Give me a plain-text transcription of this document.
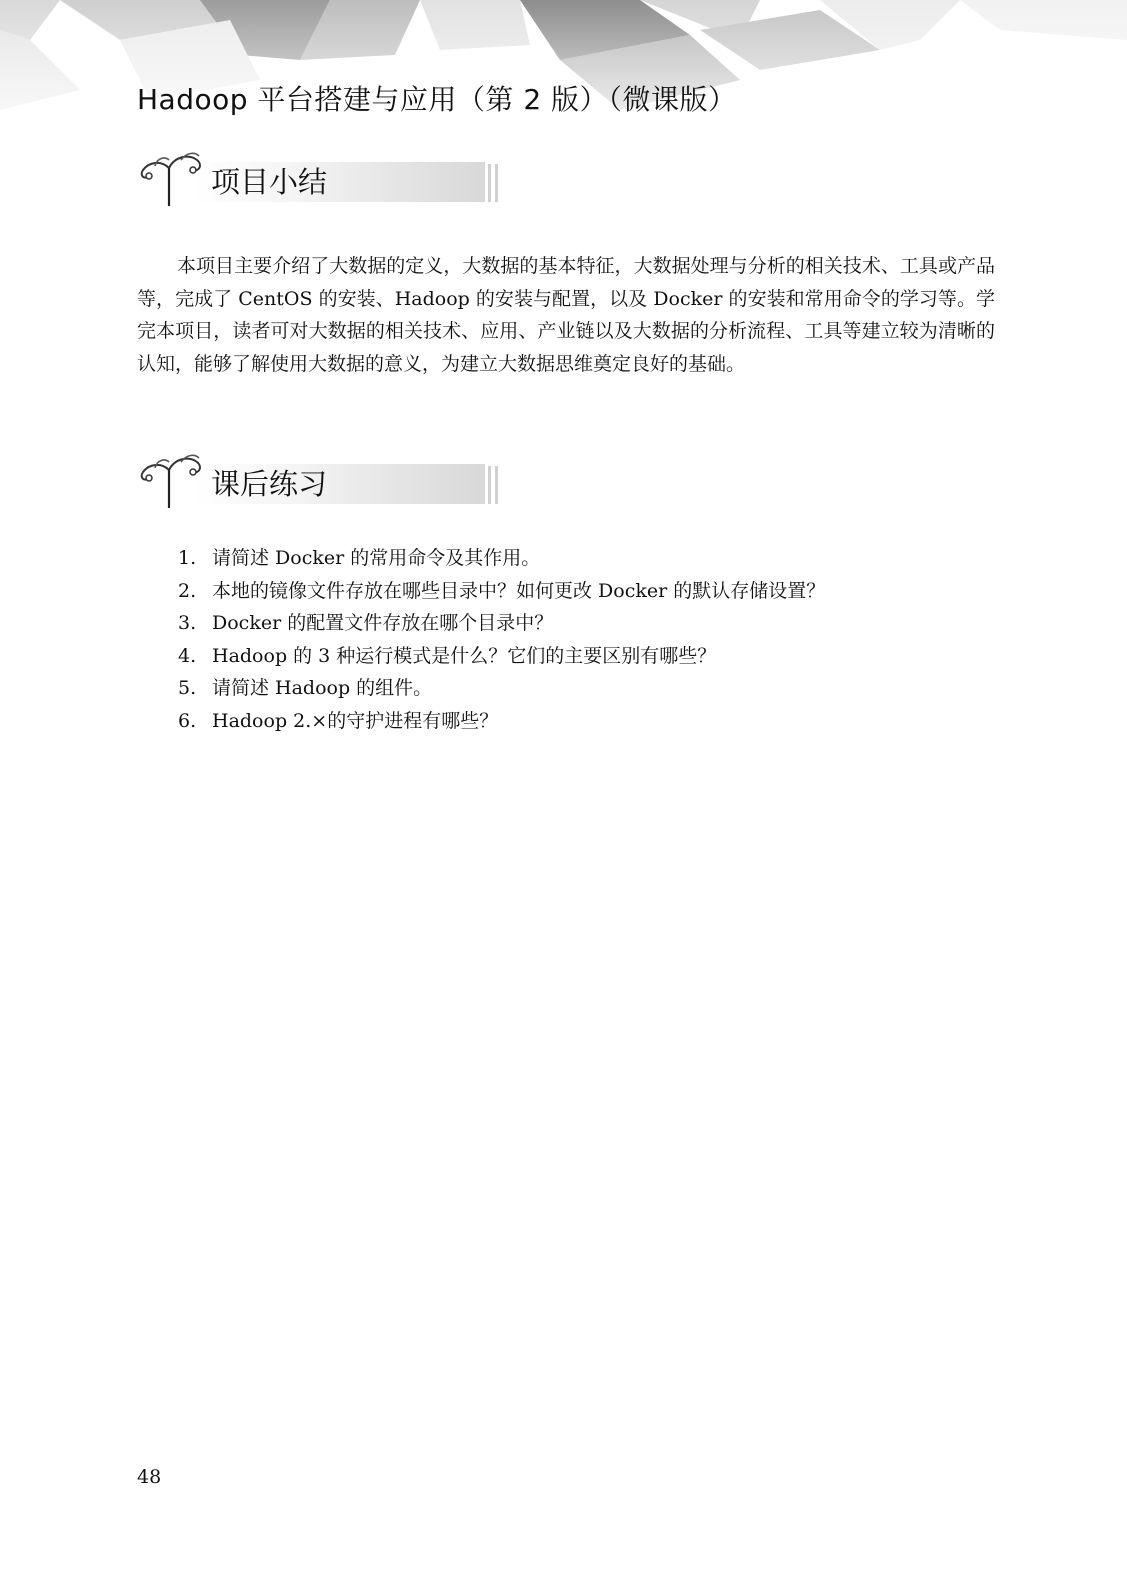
Hadoop 平台搭建与应用（第 2 版）（微课版）
项目小结

本项目主要介绍了大数据的定义，大数据的基本特征，大数据处理与分析的相关技术、工具或产品等，完成了 CentOS 的安装、Hadoop 的安装与配置，以及 Docker 的安装和常用命令的学习等。学完本项目，读者可对大数据的相关技术、应用、产业链以及大数据的分析流程、工具等建立较为清晰的认知，能够了解使用大数据的意义，为建立大数据思维奠定良好的基础。

课后练习
1. 请简述 Docker 的常用命令及其作用。
2. 本地的镜像文件存放在哪些目录中？如何更改 Docker 的默认存储设置？
3. Docker 的配置文件存放在哪个目录中？
4. Hadoop 的 3 种运行模式是什么？它们的主要区别有哪些？
5. 请简述 Hadoop 的组件。
6. Hadoop 2.×的守护进程有哪些？
48
